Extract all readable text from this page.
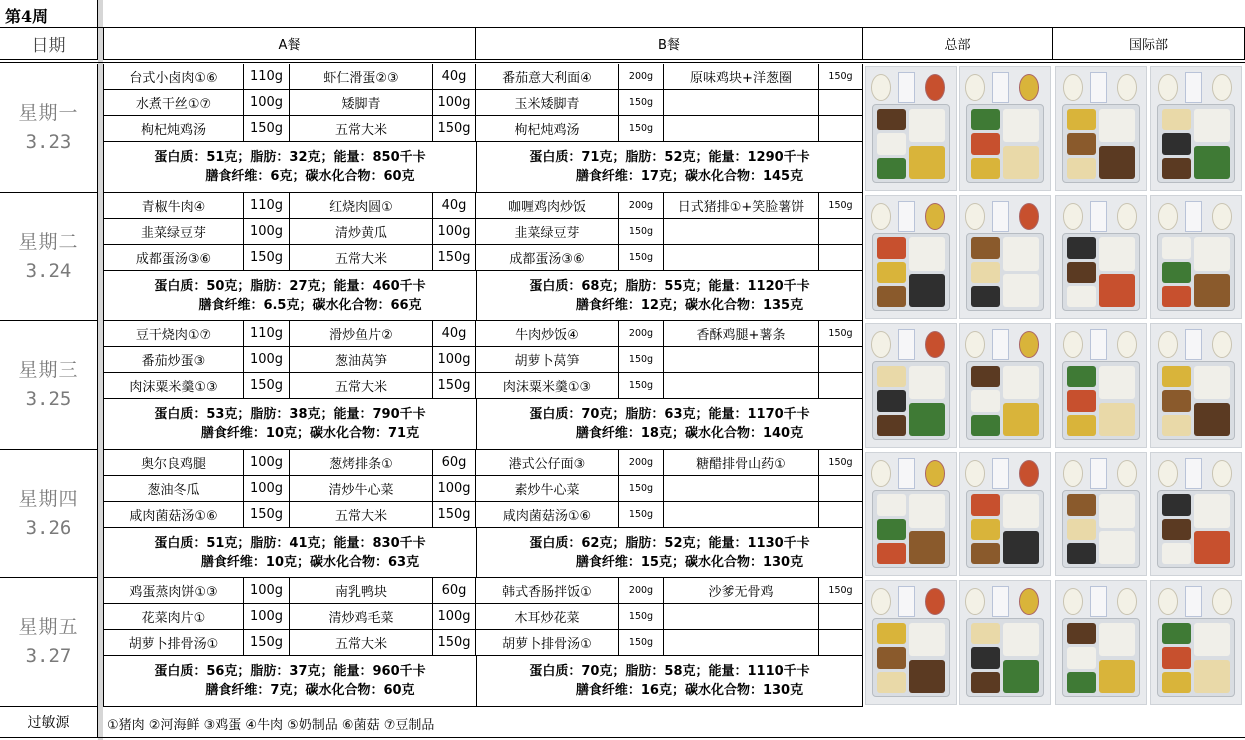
第4周
日期	A餐	B餐	总部	国际部
星期一
3.23
台式小卤肉①⑥	110g	虾仁滑蛋②③	40g	番茄意大利面④	200g	原味鸡块+洋葱圈	150g
水煮干丝①⑦	100g	矮脚青	100g	玉米矮脚青	150g
枸杞炖鸡汤	150g	五常大米	150g	枸杞炖鸡汤	150g
蛋白质：51克；脂肪：32克；能量：850千卡
膳食纤维：6克；碳水化合物：60克
蛋白质：71克；脂肪：52克；能量：1290千卡
膳食纤维：17克；碳水化合物：145克
星期二
3.24
青椒牛肉④	110g	红烧肉圆①	40g	咖喱鸡肉炒饭	200g	日式猪排①+笑脸薯饼	150g
韭菜绿豆芽	100g	清炒黄瓜	100g	韭菜绿豆芽	150g
成都蛋汤③⑥	150g	五常大米	150g	成都蛋汤③⑥	150g
蛋白质：50克；脂肪：27克；能量：460千卡
膳食纤维：6.5克；碳水化合物：66克
蛋白质：68克；脂肪：55克；能量：1120千卡
膳食纤维：12克；碳水化合物：135克
星期三
3.25
豆干烧肉①⑦	110g	滑炒鱼片②	40g	牛肉炒饭④	200g	香酥鸡腿+薯条	150g
番茄炒蛋③	100g	葱油莴笋	100g	胡萝卜莴笋	150g
肉沫粟米羹①③	150g	五常大米	150g	肉沫粟米羹①③	150g
蛋白质：53克；脂肪：38克；能量：790千卡
膳食纤维：10克；碳水化合物：71克
蛋白质：70克；脂肪：63克；能量：1170千卡
膳食纤维：18克；碳水化合物：140克
星期四
3.26
奥尔良鸡腿	100g	葱烤排条①	60g	港式公仔面③	200g	糖醋排骨山药①	150g
葱油冬瓜	100g	清炒牛心菜	100g	素炒牛心菜	150g
咸肉菌菇汤①⑥	150g	五常大米	150g	咸肉菌菇汤①⑥	150g
蛋白质：51克；脂肪：41克；能量：830千卡
膳食纤维：10克；碳水化合物：63克
蛋白质：62克；脂肪：52克；能量：1130千卡
膳食纤维：15克；碳水化合物：130克
星期五
3.27
鸡蛋蒸肉饼①③	100g	南乳鸭块	60g	韩式香肠拌饭①	200g	沙爹无骨鸡	150g
花菜肉片①	100g	清炒鸡毛菜	100g	木耳炒花菜	150g
胡萝卜排骨汤①	150g	五常大米	150g	胡萝卜排骨汤①	150g
蛋白质：56克；脂肪：37克；能量：960千卡
膳食纤维：7克；碳水化合物：60克
蛋白质：70克；脂肪：58克；能量：1110千卡
膳食纤维：16克；碳水化合物：130克
过敏源	①猪肉 ②河海鲜 ③鸡蛋 ④牛肉 ⑤奶制品 ⑥菌菇 ⑦豆制品
